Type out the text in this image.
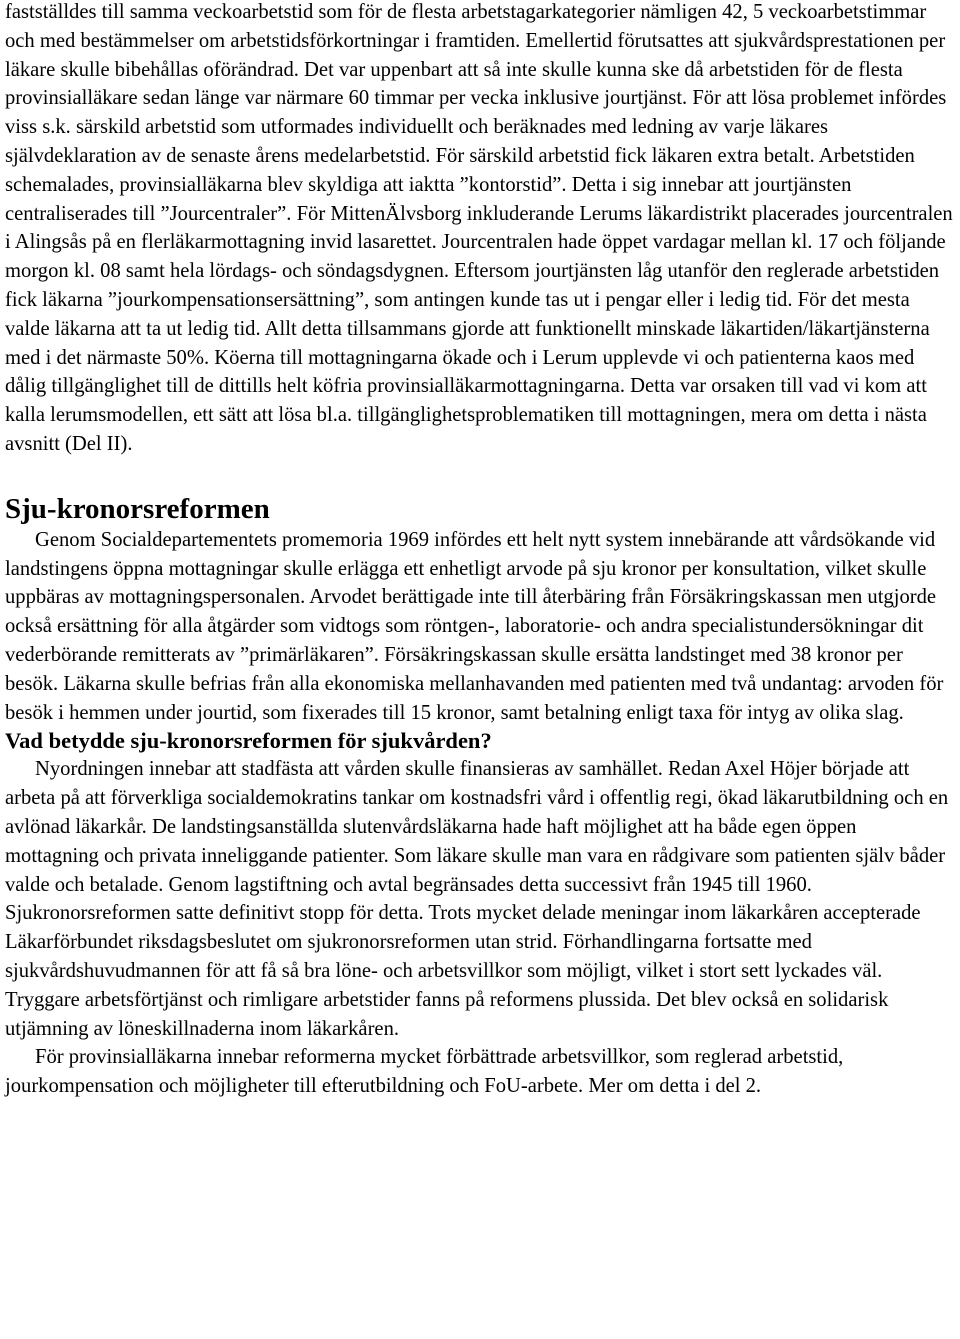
fastställdes till samma veckoarbetstid som för de flesta arbetstagarkategorier nämligen 42, 5 veckoarbetstimmar och med bestämmelser om arbetstidsförkortningar i framtiden. Emellertid förutsattes att sjukvårdsprestationen per läkare skulle bibehållas oförändrad. Det var uppenbart att så inte skulle kunna ske då arbetstiden för de flesta provinsialläkare sedan länge var närmare 60 timmar per vecka inklusive jourtjänst. För att lösa problemet infördes viss s.k. särskild arbetstid som utformades individuellt och beräknades med ledning av varje läkares självdeklaration av de senaste årens medelarbetstid. För särskild arbetstid fick läkaren extra betalt. Arbetstiden schemalades, provinsialläkarna blev skyldiga att iaktta ”kontorstid”. Detta i sig innebar att jourtjänsten centraliserades till ”Jourcentraler”. För MittenÄlvsborg inkluderande Lerums läkardistrikt placerades jourcentralen i Alingsås på en flerläkarmottagning invid lasarettet. Jourcentralen hade öppet vardagar mellan kl. 17 och följande morgon kl. 08 samt hela lördags- och söndagsdygnen. Eftersom jourtjänsten låg utanför den reglerade arbetstiden fick läkarna ”jourkompensationsersättning”, som antingen kunde tas ut i pengar eller i ledig tid. För det mesta valde läkarna att ta ut ledig tid. Allt detta tillsammans gjorde att funktionellt minskade läkartiden/läkartjänsterna med i det närmaste 50%. Köerna till mottagningarna ökade och i Lerum upplevde vi och patienterna kaos med dålig tillgänglighet till de dittills helt köfria provinsialläkarmottagningarna. Detta var orsaken till vad vi kom att kalla lerumsmodellen, ett sätt att lösa bl.a. tillgänglighetsproblematiken till mottagningen, mera om detta i nästa avsnitt (Del II).

Sju-kronorsreformen

Genom Socialdepartementets promemoria 1969 infördes ett helt nytt system innebärande att vårdsökande vid landstingens öppna mottagningar skulle erlägga ett enhetligt arvode på sju kronor per konsultation, vilket skulle uppbäras av mottagningspersonalen. Arvodet berättigade inte till återbäring från Försäkringskassan men utgjorde också ersättning för alla åtgärder som vidtogs som röntgen-, laboratorie- och andra specialistundersökningar dit vederbörande remitterats av ”primärläkaren”. Försäkringskassan skulle ersätta landstinget med 38 kronor per besök. Läkarna skulle befrias från alla ekonomiska mellanhavanden med patienten med två undantag: arvoden för besök i hemmen under jourtid, som fixerades till 15 kronor, samt betalning enligt taxa för intyg av olika slag.

Vad betydde sju-kronorsreformen för sjukvården?

Nyordningen innebar att stadfästa att vården skulle finansieras av samhället. Redan Axel Höjer började att arbeta på att förverkliga socialdemokratins tankar om kostnadsfri vård i offentlig regi, ökad läkarutbildning och en avlönad läkarkår. De landstingsanställda slutenvårdsläkarna hade haft möjlighet att ha både egen öppen mottagning och privata inneliggande patienter. Som läkare skulle man vara en rådgivare som patienten själv båder valde och betalade. Genom lagstiftning och avtal begränsades detta successivt från 1945 till 1960. Sjukronorsreformen satte definitivt stopp för detta. Trots mycket delade meningar inom läkarkåren accepterade Läkarförbundet riksdagsbeslutet om sjukronorsreformen utan strid. Förhandlingarna fortsatte med sjukvårdshuvudmannen för att få så bra löne- och arbetsvillkor som möjligt, vilket i stort sett lyckades väl. Tryggare arbetsförtjänst och rimligare arbetstider fanns på reformens plussida. Det blev också en solidarisk utjämning av löneskillnaderna inom läkarkåren.

För provinsialläkarna innebar reformerna mycket förbättrade arbetsvillkor, som reglerad arbetstid, jourkompensation och möjligheter till efterutbildning och FoU-arbete. Mer om detta i del 2.
